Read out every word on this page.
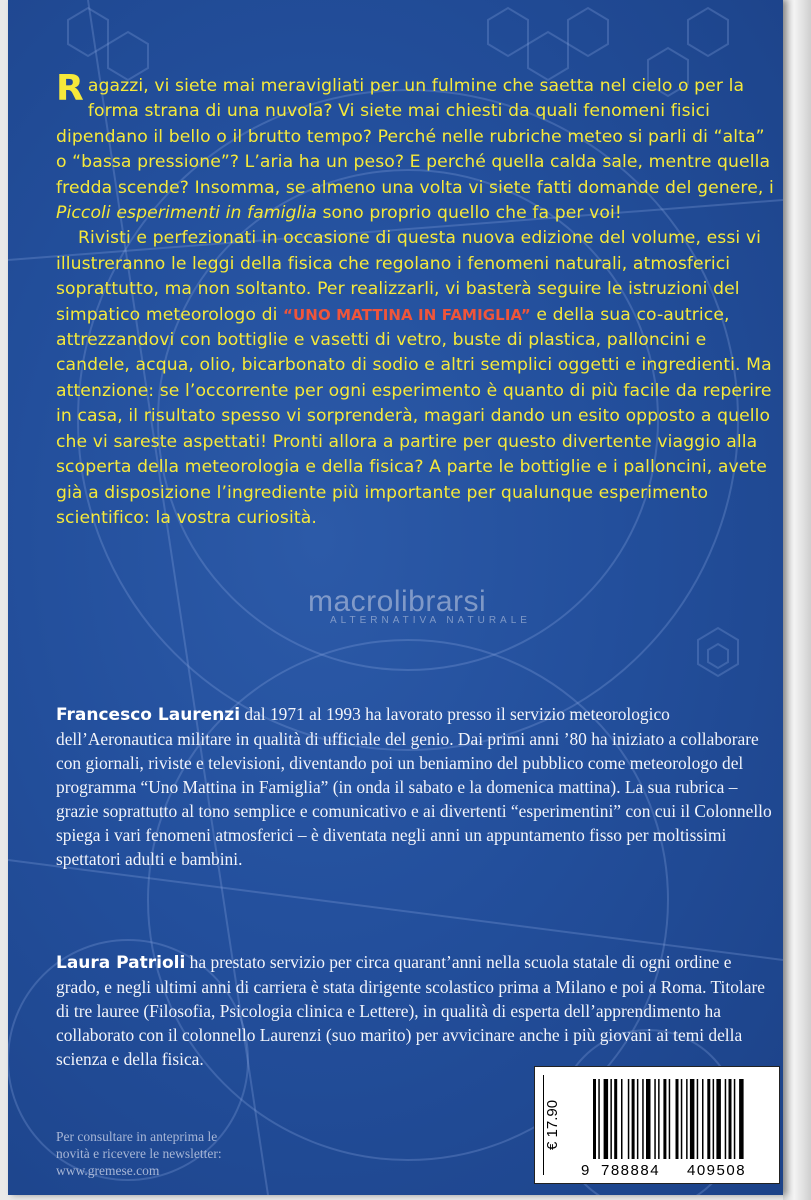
Ragazzi, vi siete mai meravigliati per un fulmine che saetta nel cielo o per la forma strana di una nuvola? Vi siete mai chiesti da quali fenomeni fisici dipendano il bello o il brutto tempo? Perché nelle rubriche meteo si parli di “alta” o “bassa pressione”? L’aria ha un peso? E perché quella calda sale, mentre quella fredda scende? Insomma, se almeno una volta vi siete fatti domande del genere, i Piccoli esperimenti in famiglia sono proprio quello che fa per voi!

Rivisti e perfezionati in occasione di questa nuova edizione del volume, essi vi illustreranno le leggi della fisica che regolano i fenomeni naturali, atmosferici soprattutto, ma non soltanto. Per realizzarli, vi basterà seguire le istruzioni del simpatico meteorologo di “UNO MATTINA IN FAMIGLIA” e della sua co-autrice, attrezzandovi con bottiglie e vasetti di vetro, buste di plastica, palloncini e candele, acqua, olio, bicarbonato di sodio e altri semplici oggetti e ingredienti. Ma attenzione: se l’occorrente per ogni esperimento è quanto di più facile da reperire in casa, il risultato spesso vi sorprenderà, magari dando un esito opposto a quello che vi sareste aspettati! Pronti allora a partire per questo divertente viaggio alla scoperta della meteorologia e della fisica? A parte le bottiglie e i palloncini, avete già a disposizione l’ingrediente più importante per qualunque esperimento scientifico: la vostra curiosità.

macrolibrarsi
ALTERNATIVA NATURALE
Francesco Laurenzi dal 1971 al 1993 ha lavorato presso il servizio meteorologico dell’Aeronautica militare in qualità di ufficiale del genio. Dai primi anni ’80 ha iniziato a collaborare con giornali, riviste e televisioni, diventando poi un beniamino del pubblico come meteorologo del programma “Uno Mattina in Famiglia” (in onda il sabato e la domenica mattina). La sua rubrica – grazie soprattutto al tono semplice e comunicativo e ai divertenti “esperimentini” con cui il Colonnello spiega i vari fenomeni atmosferici – è diventata negli anni un appuntamento fisso per moltissimi spettatori adulti e bambini.
Laura Patrioli ha prestato servizio per circa quarant’anni nella scuola statale di ogni ordine e grado, e negli ultimi anni di carriera è stata dirigente scolastico prima a Milano e poi a Roma. Titolare di tre lauree (Filosofia, Psicologia clinica e Lettere), in qualità di esperta dell’apprendimento ha collaborato con il colonnello Laurenzi (suo marito) per avvicinare anche i più giovani ai temi della scienza e della fisica.
Per consultare in anteprima le
novità e ricevere le newsletter:
www.gremese.com
€ 17.90
9 788884 409508
